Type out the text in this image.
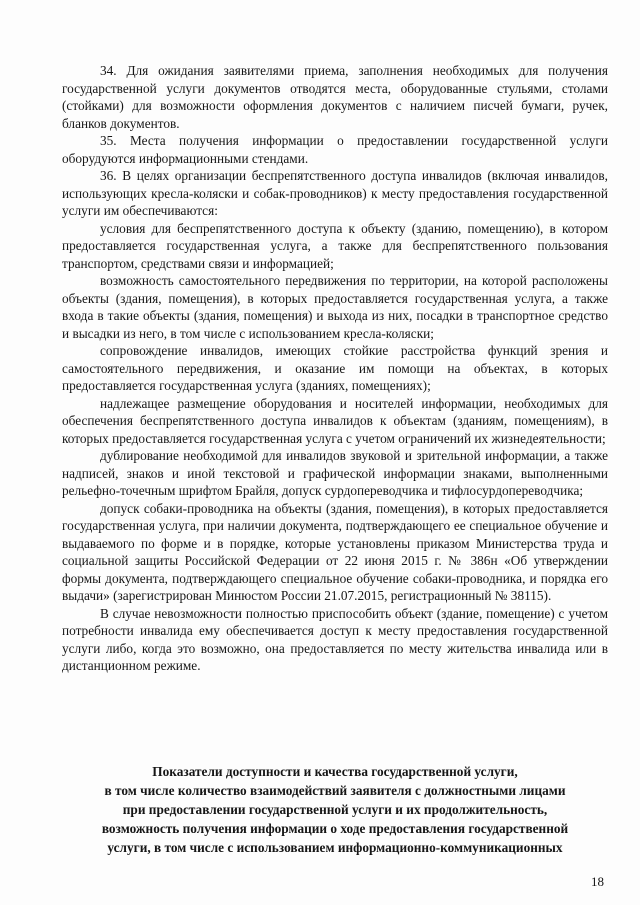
34. Для ожидания заявителями приема, заполнения необходимых для получения государственной услуги документов отводятся места, оборудованные стульями, столами (стойками) для возможности оформления документов с наличием писчей бумаги, ручек, бланков документов.

35. Места получения информации о предоставлении государственной услуги оборудуются информационными стендами.

36. В целях организации беспрепятственного доступа инвалидов (включая инвалидов, использующих кресла-коляски и собак-проводников) к месту предоставления государственной услуги им обеспечиваются:

условия для беспрепятственного доступа к объекту (зданию, помещению), в котором предоставляется государственная услуга, а также для беспрепятственного пользования транспортом, средствами связи и информацией;

возможность самостоятельного передвижения по территории, на которой расположены объекты (здания, помещения), в которых предоставляется государственная услуга, а также входа в такие объекты (здания, помещения) и выхода из них, посадки в транспортное средство и высадки из него, в том числе с использованием кресла-коляски;

сопровождение инвалидов, имеющих стойкие расстройства функций зрения и самостоятельного передвижения, и оказание им помощи на объектах, в которых предоставляется государственная услуга (зданиях, помещениях);

надлежащее размещение оборудования и носителей информации, необходимых для обеспечения беспрепятственного доступа инвалидов к объектам (зданиям, помещениям), в которых предоставляется государственная услуга с учетом ограничений их жизнедеятельности;

дублирование необходимой для инвалидов звуковой и зрительной информации, а также надписей, знаков и иной текстовой и графической информации знаками, выполненными рельефно-точечным шрифтом Брайля, допуск сурдопереводчика и тифлосурдопереводчика;

допуск собаки-проводника на объекты (здания, помещения), в которых предоставляется государственная услуга, при наличии документа, подтверждающего ее специальное обучение и выдаваемого по форме и в порядке, которые установлены приказом Министерства труда и социальной защиты Российской Федерации от 22 июня 2015 г. № 386н «Об утверждении формы документа, подтверждающего специальное обучение собаки-проводника, и порядка его выдачи» (зарегистрирован Минюстом России 21.07.2015, регистрационный № 38115).

В случае невозможности полностью приспособить объект (здание, помещение) с учетом потребности инвалида ему обеспечивается доступ к месту предоставления государственной услуги либо, когда это возможно, она предоставляется по месту жительства инвалида или в дистанционном режиме.

Показатели доступности и качества государственной услуги,
в том числе количество взаимодействий заявителя с должностными лицами
при предоставлении государственной услуги и их продолжительность,
возможность получения информации о ходе предоставления государственной
услуги, в том числе с использованием информационно-коммуникационных
18
